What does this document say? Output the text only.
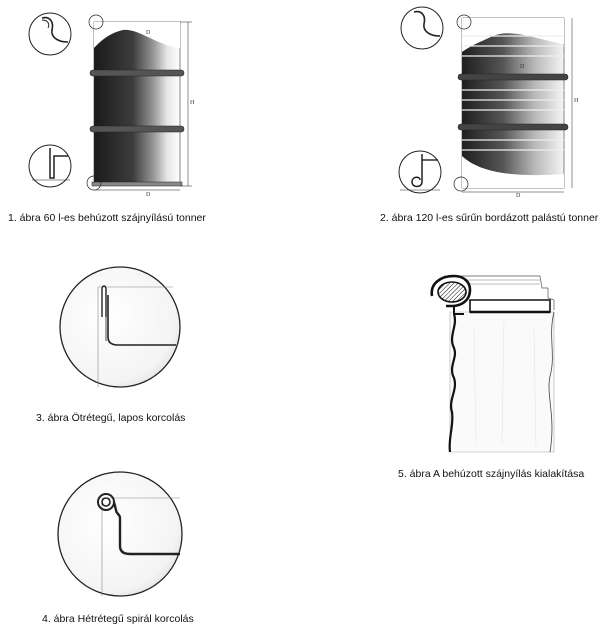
D
H
D
1. ábra 60 l-es behúzott szájnyílású tonner
D
H
D
2. ábra 120 l-es sűrűn bordázott palástú tonner
3. ábra Ötrétegű, lapos korcolás
4. ábra Hétrétegű spirál korcolás
5. ábra A behúzott szájnyílás kialakítása
